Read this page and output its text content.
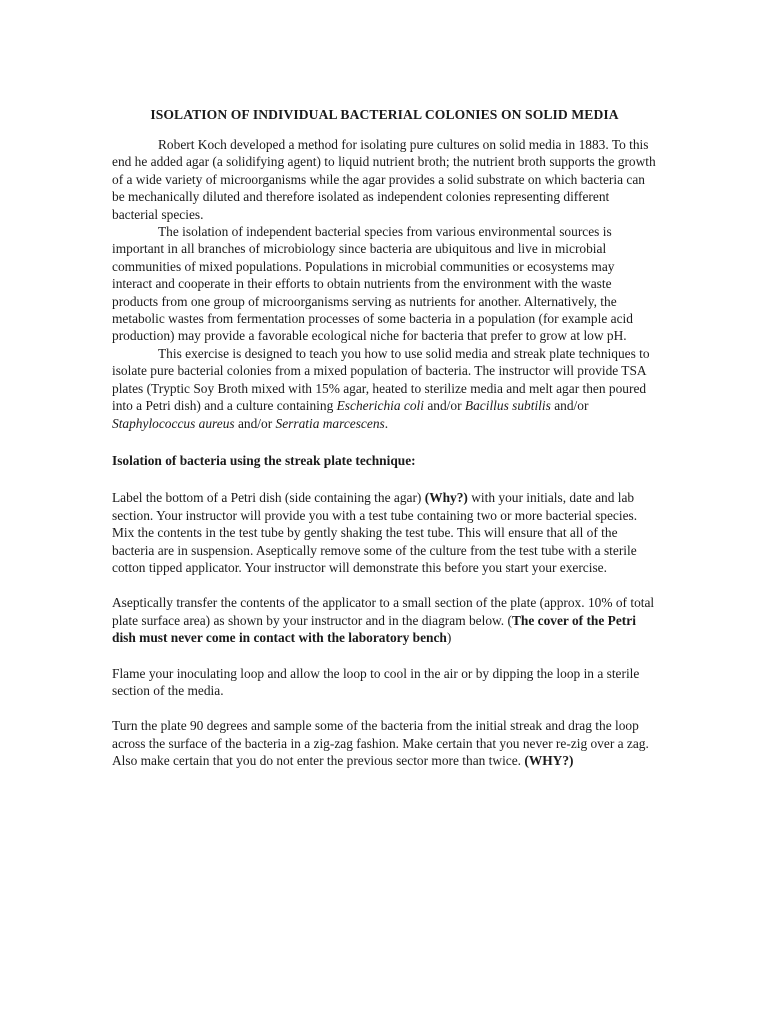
ISOLATION OF INDIVIDUAL BACTERIAL COLONIES ON SOLID MEDIA

Robert Koch developed a method for isolating pure cultures on solid media in 1883. To this end he added agar (a solidifying agent) to liquid nutrient broth; the nutrient broth supports the growth of a wide variety of microorganisms while the agar provides a solid substrate on which bacteria can be mechanically diluted and therefore isolated as independent colonies representing different bacterial species.

The isolation of independent bacterial species from various environmental sources is important in all branches of microbiology since bacteria are ubiquitous and live in microbial communities of mixed populations. Populations in microbial communities or ecosystems may interact and cooperate in their efforts to obtain nutrients from the environment with the waste products from one group of microorganisms serving as nutrients for another. Alternatively, the metabolic wastes from fermentation processes of some bacteria in a population (for example acid production) may provide a favorable ecological niche for bacteria that prefer to grow at low pH.

This exercise is designed to teach you how to use solid media and streak plate techniques to isolate pure bacterial colonies from a mixed population of bacteria. The instructor will provide TSA plates (Tryptic Soy Broth mixed with 15% agar, heated to sterilize media and melt agar then poured into a Petri dish) and a culture containing Escherichia coli and/or Bacillus subtilis and/or Staphylococcus aureus and/or Serratia marcescens.

Isolation of bacteria using the streak plate technique:

Label the bottom of a Petri dish (side containing the agar) (Why?) with your initials, date and lab section. Your instructor will provide you with a test tube containing two or more bacterial species. Mix the contents in the test tube by gently shaking the test tube. This will ensure that all of the bacteria are in suspension. Aseptically remove some of the culture from the test tube with a sterile cotton tipped applicator. Your instructor will demonstrate this before you start your exercise.

Aseptically transfer the contents of the applicator to a small section of the plate (approx. 10% of total plate surface area) as shown by your instructor and in the diagram below. (The cover of the Petri dish must never come in contact with the laboratory bench)

Flame your inoculating loop and allow the loop to cool in the air or by dipping the loop in a sterile section of the media.

Turn the plate 90 degrees and sample some of the bacteria from the initial streak and drag the loop across the surface of the bacteria in a zig-zag fashion. Make certain that you never re-zig over a zag. Also make certain that you do not enter the previous sector more than twice. (WHY?)
